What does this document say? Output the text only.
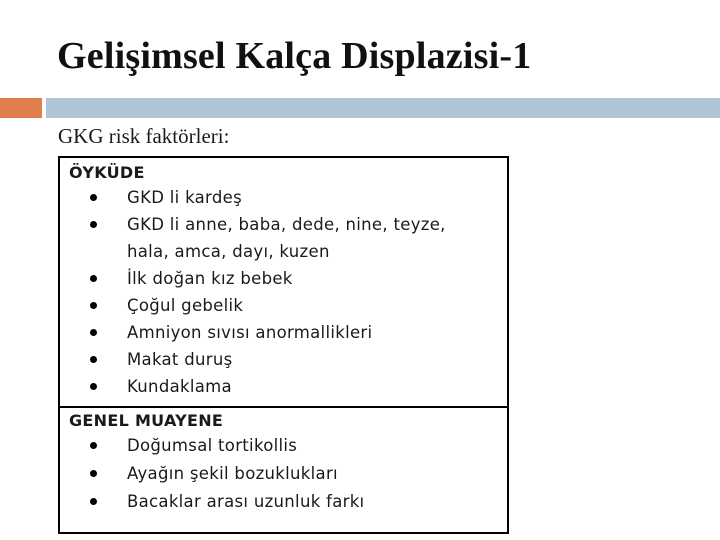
Gelişimsel Kalça Displazisi-1
GKG risk faktörleri:
ÖYKÜDE
GKD li kardeş
GKD li anne, baba, dede, nine, teyze, hala, amca, dayı, kuzen
İlk doğan kız bebek
Çoğul gebelik
Amniyon sıvısı anormallikleri
Makat duruş
Kundaklama
GENEL MUAYENE
Doğumsal tortikollis
Ayağın şekil bozuklukları
Bacaklar arası uzunluk farkı
